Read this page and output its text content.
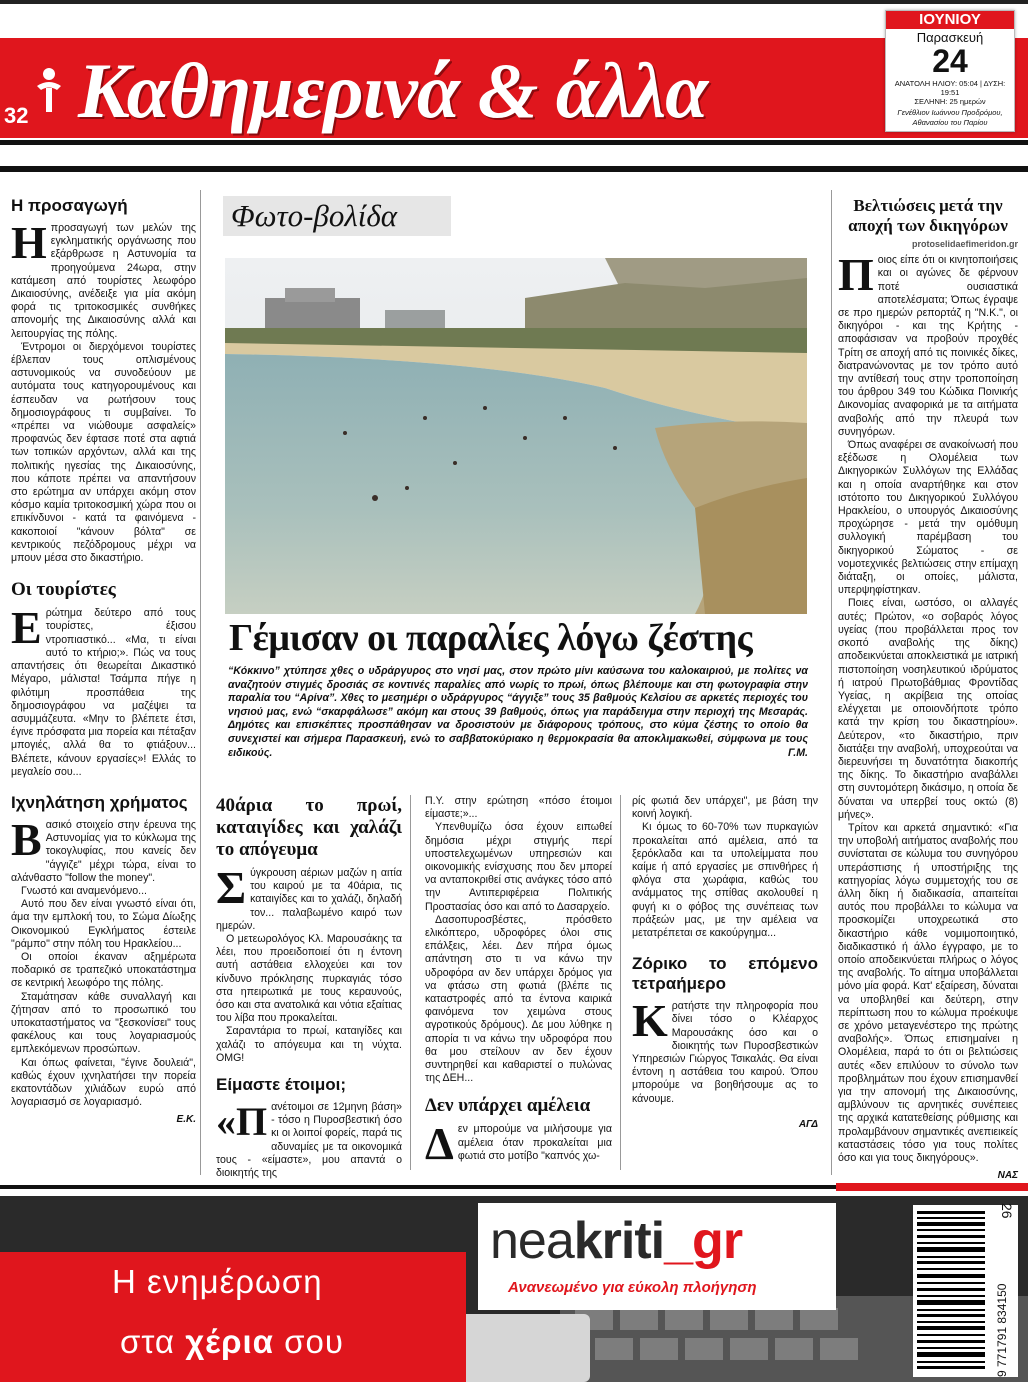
32 Καθημερινά & άλλα
ΙΟΥΝΙΟΥ
Παρασκευή
24
ΑΝΑΤΟΛΗ ΗΛΙΟΥ: 05:04 | ΔΥΣΗ: 19:51
ΣΕΛΗΝΗ: 25 ημερών
Γενέθλιον Ιωάννου Προδρόμου,
Αθανασίου του Παρίου
Η προσαγωγή
Η προσαγωγή των μελών της εγκληματικής οργάνωσης που εξάρθρωσε η Αστυνομία τα προηγούμενα 24ωρα, στην κατάμεση από τουρίστες λεωφόρο Δικαιοσύνης, ανέδειξε για μία ακόμη φορά τις τριτοκοσμικές συνθήκες απονομής της Δικαιοσύνης αλλά και λειτουργίας της πόλης.

Έντρομοι οι διερχόμενοι τουρίστες έβλεπαν τους οπλισμένους αστυνομικούς να συνοδεύουν με αυτόματα τους κατηγορουμένους και έσπευδαν να ρωτήσουν τους δημοσιογράφους τι συμβαίνει. Το «πρέπει να νιώθουμε ασφαλείς» προφανώς δεν έφτασε ποτέ στα αφτιά των τοπικών αρχόντων, αλλά και της πολιτικής ηγεσίας της Δικαιοσύνης, που κάποτε πρέπει να απαντήσουν στο ερώτημα αν υπάρχει ακόμη στον κόσμο καμία τριτοκοσμική χώρα που οι επικίνδυνοι - κατά τα φαινόμενα - κακοποιοί "κάνουν βόλτα" σε κεντρικούς πεζόδρομους μέχρι να μπουν μέσα στο δικαστήριο.

Οι τουρίστες
Ε ρώτημα δεύτερο από τους τουρίστες, έξισου ντροπιαστικό... «Μα, τι είναι αυτό το κτήριο;». Πώς να τους απαντήσεις ότι θεωρείται Δικαστικό Μέγαρο, μάλιστα! Τσάμπα πήγε η φιλότιμη προσπάθεια της δημοσιογράφου να μαζέψει τα ασυμμάζευτα. «Μην το βλέπετε έτσι, έγινε πρόσφατα μια πορεία και πέταξαν μπογιές, αλλά θα το φτιάξουν... Βλέπετε, κάνουν εργασίες»! Ελλάς το μεγαλείο σου...

Ιχνηλάτηση χρήματος
Β ασικό στοιχείο στην έρευνα της Αστυνομίας για το κύκλωμα της τοκογλυφίας, που κανείς δεν "άγγιζε" μέχρι τώρα, είναι το αλάνθαστο "follow the money".

Γνωστό και αναμενόμενο...

Αυτό που δεν είναι γνωστό είναι ότι, άμα την εμπλοκή του, το Σώμα Δίωξης Οικονομικού Εγκλήματος έστειλε "ράμπο" στην πόλη του Ηρακλείου...

Οι οποίοι έκαναν αξημέρωτα ποδαρικό σε τραπεζικό υποκατάστημα σε κεντρική λεωφόρο της πόλης.

Σταμάτησαν κάθε συναλλαγή και ζήτησαν από το προσωπικό του υποκαταστήματος να "ξεσκονίσει" τους φακέλους και τους λογαριασμούς εμπλεκόμενων προσώπων.

Και όπως φαίνεται, "έγινε δουλειά", καθώς έχουν ιχνηλατήσει την πορεία εκατοντάδων χιλιάδων ευρώ από λογαριασμό σε λογαριασμό.

Ε.Κ.
Φωτο-βολίδα
Γέμισαν οι παραλίες λόγω ζέστης
“Κόκκινο” χτύπησε χθες ο υδράργυρος στο νησί μας, στον πρώτο μίνι καύσωνα του καλοκαιριού, με πολίτες να αναζητούν στιγμές δροσιάς σε κοντινές παραλίες από νωρίς το πρωί, όπως βλέπουμε και στη φωτογραφία στην παραλία του “Αρίνα”. Χθες το μεσημέρι ο υδράργυρος “άγγιξε” τους 35 βαθμούς Κελσίου σε αρκετές περιοχές του νησιού μας, ενώ “σκαρφάλωσε” ακόμη και στους 39 βαθμούς, όπως για παράδειγμα στην περιοχή της Μεσαράς. Δημότες και επισκέπτες προσπάθησαν να δροσιστούν με διάφορους τρόπους, στο κύμα ζέστης το οποίο θα συνεχιστεί και σήμερα Παρασκευή, ενώ το σαββατοκύριακο η θερμοκρασία θα αποκλιμακωθεί, σύμφωνα με τους ειδικούς.	Γ.Μ.
40άρια το πρωί, καταιγίδες και χαλάζι το απόγευμα
Σ ύγκρουση αέριων μαζών η αιτία του καιρού με τα 40άρια, τις καταιγίδες και το χαλάζι, δηλαδή τον... παλαβωμένο καιρό των ημερών.

Ο μετεωρολόγος Κλ. Μαρουσάκης τα λέει, που προειδοποιεί ότι η έντονη αυτή αστάθεια ελλοχεύει και τον κίνδυνο πρόκλησης πυρκαγιάς τόσο στα ηπειρωτικά με τους κεραυνούς, όσο και στα ανατολικά και νότια εξαίτιας του λίβα που προκαλείται.

Σαραντάρια το πρωί, καταιγίδες και χαλάζι το απόγευμα και τη νύχτα. OMG!

Είμαστε έτοιμοι;
«Π ανέτοιμοι σε 12μηνη βάση» - τόσο η Πυροσβεστική όσο κι οι λοιποί φορείς, παρά τις αδυναμίες με τα οικονομικά τους - «είμαστε», μου απαντά ο διοικητής της

Π.Υ. στην ερώτηση «πόσο έτοιμοι είμαστε;»...

Υπενθυμίζω όσα έχουν ειπωθεί δημόσια μέχρι στιγμής περί υποστελεχωμένων υπηρεσιών και οικονομικής ενίσχυσης που δεν μπορεί να ανταποκριθεί στις ανάγκες τόσο από την Αντιπεριφέρεια Πολιτικής Προστασίας όσο και από το Δασαρχείο.

Δασοπυροσβέστες, πρόσθετο ελικόπτερο, υδροφόρες όλοι στις επάλξεις, λέει. Δεν πήρα όμως απάντηση στο τι να κάνω την υδροφόρα αν δεν υπάρχει δρόμος για να φτάσω στη φωτιά (βλέπε τις καταστροφές από τα έντονα καιρικά φαινόμενα τον χειμώνα στους αγροτικούς δρόμους). Δε μου λύθηκε η απορία τι να κάνω την υδροφόρα που θα μου στείλουν αν δεν έχουν συντηρηθεί και καθαριστεί ο πυλώνας της ΔΕΗ...

Δεν υπάρχει αμέλεια
Δ εν μπορούμε να μιλήσουμε για αμέλεια όταν προκαλείται μια φωτιά στο μοτίβο "καπνός χω-

ρίς φωτιά δεν υπάρχει", με βάση την κοινή λογική.

Κι όμως το 60-70% των πυρκαγιών προκαλείται από αμέλεια, από τα ξερόκλαδα και τα υπολείμματα που καίμε ή από εργασίες με σπινθήρες ή φλόγα στα χωράφια, καθώς του ανάμματος της σπίθας ακολουθεί η φυγή κι ο φόβος της συνέπειας των πράξεών μας, με την αμέλεια να μετατρέπεται σε κακούργημα...

Ζόρικο το επόμενο τετραήμερο
Κ ρατήστε την πληροφορία που δίνει τόσο ο Κλέαρχος Μαρουσάκης όσο και ο διοικητής των Πυροσβεστικών Υπηρεσιών Γιώργος Τσικαλάς. Θα είναι έντονη η αστάθεια του καιρού. Όπου μπορούμε να βοηθήσουμε ας το κάνουμε.

ΑΓΔ
Βελτιώσεις μετά την αποχή των δικηγόρων
protoselidaefimeridon.gr
Π οιος είπε ότι οι κινητοποιήσεις και οι αγώνες δε φέρνουν ποτέ ουσιαστικά αποτελέσματα; Όπως έγραψε σε προ ημερών ρεπορτάζ η "Ν.Κ.", οι δικηγόροι - και της Κρήτης - αποφάσισαν να προβούν προχθές Τρίτη σε αποχή από τις ποινικές δίκες, διατρανώνοντας με τον τρόπο αυτό την αντίθεσή τους στην τροποποίηση του άρθρου 349 του Κώδικα Ποινικής Δικονομίας αναφορικά με τα αιτήματα αναβολής από την πλευρά των συνηγόρων.

Όπως αναφέρει σε ανακοίνωσή που εξέδωσε η Ολομέλεια των Δικηγορικών Συλλόγων της Ελλάδας και η οποία αναρτήθηκε και στον ιστότοπο του Δικηγορικού Συλλόγου Ηρακλείου, ο υπουργός Δικαιοσύνης προχώρησε - μετά την ομόθυμη συλλογική παρέμβαση του δικηγορικού Σώματος - σε νομοτεχνικές βελτιώσεις στην επίμαχη διάταξη, οι οποίες, μάλιστα, υπερψηφίστηκαν.

Ποιες είναι, ωστόσο, οι αλλαγές αυτές; Πρώτον, «ο σοβαρός λόγος υγείας (που προβάλλεται προς τον σκοπό αναβολής της δίκης) αποδεικνύεται αποκλειστικά με ιατρική πιστοποίηση νοσηλευτικού ιδρύματος ή ιατρού Πρωτοβάθμιας Φροντίδας Υγείας, η ακρίβεια της οποίας ελέγχεται με οποιονδήποτε τρόπο κατά την κρίση του δικαστηρίου». Δεύτερον, «το δικαστήριο, πριν διατάξει την αναβολή, υποχρεούται να διερευνήσει τη δυνατότητα διακοπής της δίκης. Το δικαστήριο αναβάλλει στη συντομότερη δικάσιμο, η οποία δε δύναται να υπερβεί τους οκτώ (8) μήνες».

Τρίτον και αρκετά σημαντικό: «Για την υποβολή αιτήματος αναβολής που συνίσταται σε κώλυμα του συνηγόρου υπεράσπισης ή υποστήριξης της κατηγορίας λόγω συμμετοχής του σε άλλη δίκη ή διαδικασία, απαιτείται αυτός που προβάλλει το κώλυμα να προσκομίζει υποχρεωτικά στο δικαστήριο κάθε νομιμοποιητικό, διαδικαστικό ή άλλο έγγραφο, με το οποίο αποδεικνύεται πλήρως ο λόγος της αναβολής. Το αίτημα υποβάλλεται μόνο μία φορά. Κατ' εξαίρεση, δύναται να υποβληθεί και δεύτερη, στην περίπτωση που το κώλυμα προέκυψε σε χρόνο μεταγενέστερο της πρώτης αναβολής». Όπως επισημαίνει η Ολομέλεια, παρά το ότι οι βελτιώσεις αυτές «δεν επιλύουν το σύνολο των προβλημάτων που έχουν επισημανθεί για την απονομή της Δικαιοσύνης, αμβλύνουν τις αρνητικές συνέπειες της αρχικά κατατεθείσης ρύθμισης και προλαμβάνουν σημαντικές ανεπιεικείς καταστάσεις τόσο για τους πολίτες όσο και για τους δικηγόρους».

ΝΑΣ
neakriti_gr
Ανανεωμένο για εύκολη πλοήγηση
Η ενημέρωση
στα χέρια σου
26
9 771791 834150
